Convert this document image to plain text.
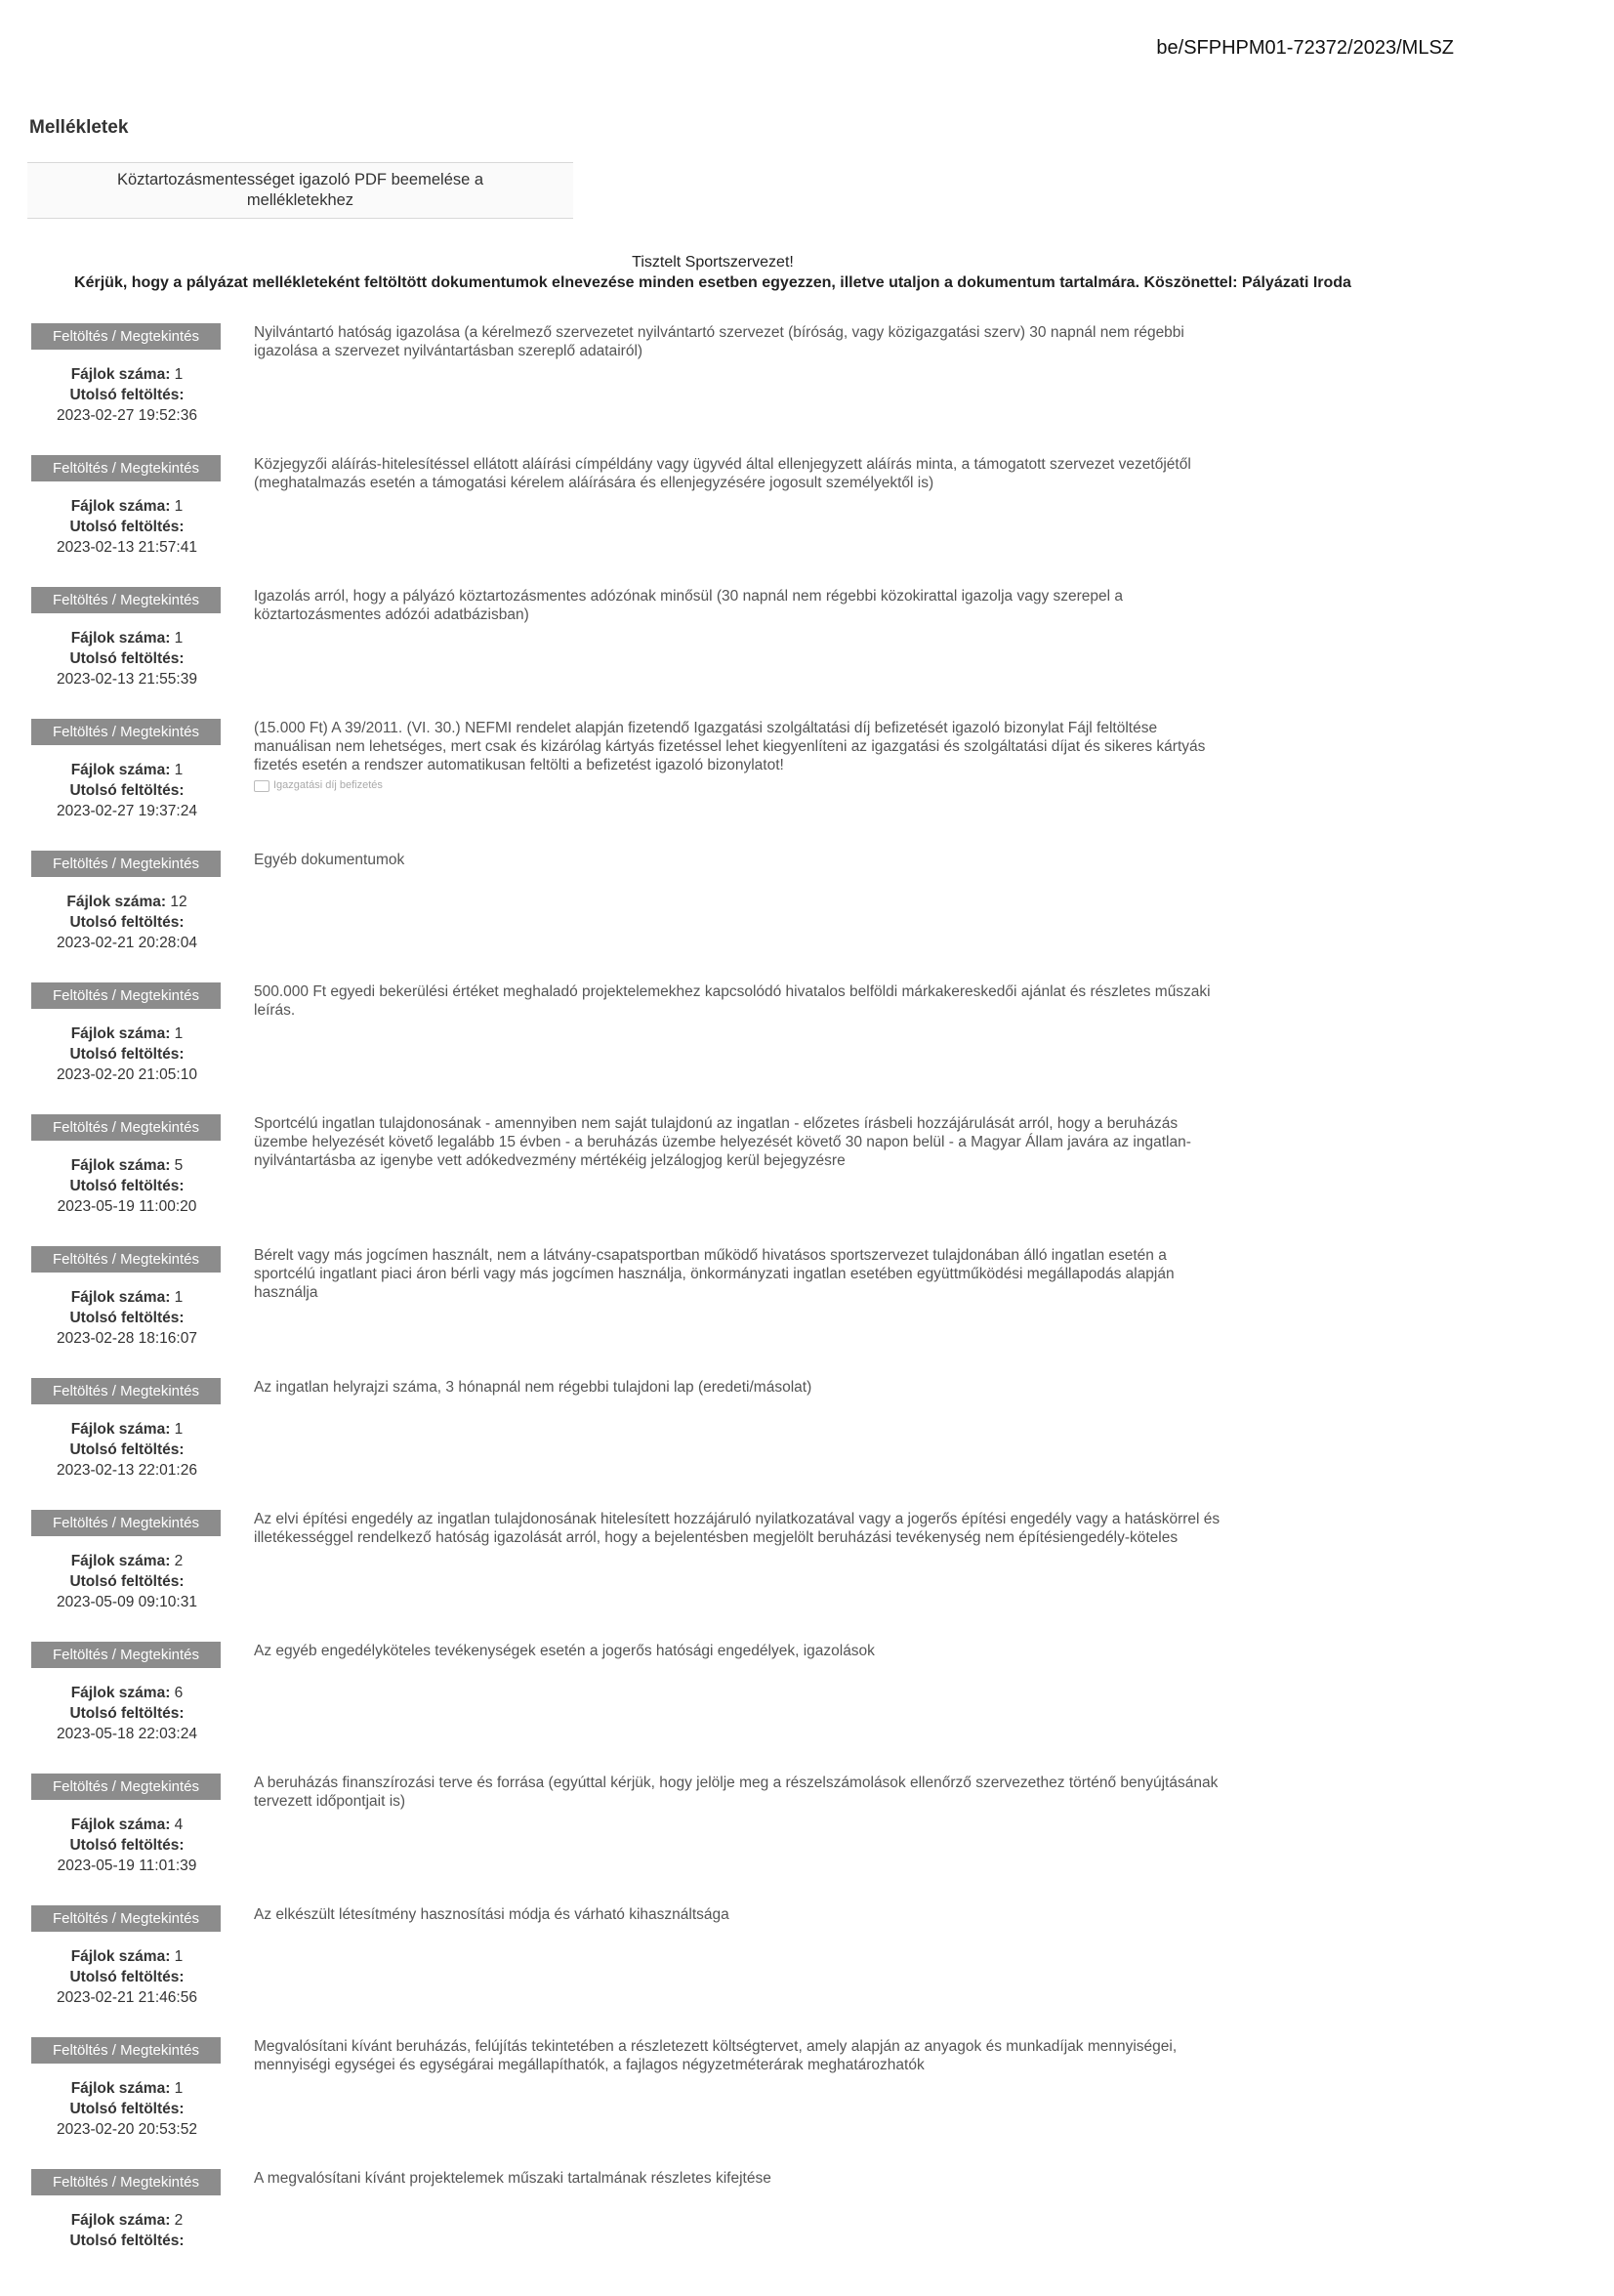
be/SFPHPM01-72372/2023/MLSZ
Mellékletek
Köztartozásmentességet igazoló PDF beemelése a mellékletekhez
Tisztelt Sportszervezet!
Kérjük, hogy a pályázat mellékleteként feltöltött dokumentumok elnevezése minden esetben egyezzen, illetve utaljon a dokumentum tartalmára. Köszönettel: Pályázati Iroda
Feltöltés / Megtekintés
Fájlok száma: 1
Utolsó feltöltés:
2023-02-27 19:52:36
Nyilvántartó hatóság igazolása (a kérelmező szervezetet nyilvántartó szervezet (bíróság, vagy közigazgatási szerv) 30 napnál nem régebbi igazolása a szervezet nyilvántartásban szereplő adatairól)
Feltöltés / Megtekintés
Fájlok száma: 1
Utolsó feltöltés:
2023-02-13 21:57:41
Közjegyzői aláírás-hitelesítéssel ellátott aláírási címpéldány vagy ügyvéd által ellenjegyzett aláírás minta, a támogatott szervezet vezetőjétől (meghatalmazás esetén a támogatási kérelem aláírására és ellenjegyzésére jogosult személyektől is)
Feltöltés / Megtekintés
Fájlok száma: 1
Utolsó feltöltés:
2023-02-13 21:55:39
Igazolás arról, hogy a pályázó köztartozásmentes adózónak minősül (30 napnál nem régebbi közokirattal igazolja vagy szerepel a köztartozásmentes adózói adatbázisban)
Feltöltés / Megtekintés
Fájlok száma: 1
Utolsó feltöltés:
2023-02-27 19:37:24
(15.000 Ft) A 39/2011. (VI. 30.) NEFMI rendelet alapján fizetendő Igazgatási szolgáltatási díj befizetését igazoló bizonylat Fájl feltöltése manuálisan nem lehetséges, mert csak és kizárólag kártyás fizetéssel lehet kiegyenlíteni az igazgatási és szolgáltatási díjat és sikeres kártyás fizetés esetén a rendszer automatikusan feltölti a befizetést igazoló bizonylatot!
Igazgatási díj befizetés
Feltöltés / Megtekintés
Fájlok száma: 12
Utolsó feltöltés:
2023-02-21 20:28:04
Egyéb dokumentumok
Feltöltés / Megtekintés
Fájlok száma: 1
Utolsó feltöltés:
2023-02-20 21:05:10
500.000 Ft egyedi bekerülési értéket meghaladó projektelemekhez kapcsolódó hivatalos belföldi márkakereskedői ajánlat és részletes műszaki leírás.
Feltöltés / Megtekintés
Fájlok száma: 5
Utolsó feltöltés:
2023-05-19 11:00:20
Sportcélú ingatlan tulajdonosának - amennyiben nem saját tulajdonú az ingatlan - előzetes írásbeli hozzájárulását arról, hogy a beruházás üzembe helyezését követő legalább 15 évben - a beruházás üzembe helyezését követő 30 napon belül - a Magyar Állam javára az ingatlan-nyilvántartásba az igenybe vett adókedvezmény mértékéig jelzálogjog kerül bejegyzésre
Feltöltés / Megtekintés
Fájlok száma: 1
Utolsó feltöltés:
2023-02-28 18:16:07
Bérelt vagy más jogcímen használt, nem a látvány-csapatsportban működő hivatásos sportszervezet tulajdonában álló ingatlan esetén a sportcélú ingatlant piaci áron bérli vagy más jogcímen használja, önkormányzati ingatlan esetében együttműködési megállapodás alapján használja
Feltöltés / Megtekintés
Fájlok száma: 1
Utolsó feltöltés:
2023-02-13 22:01:26
Az ingatlan helyrajzi száma, 3 hónapnál nem régebbi tulajdoni lap (eredeti/másolat)
Feltöltés / Megtekintés
Fájlok száma: 2
Utolsó feltöltés:
2023-05-09 09:10:31
Az elvi építési engedély az ingatlan tulajdonosának hitelesített hozzájáruló nyilatkozatával vagy a jogerős építési engedély vagy a hatáskörrel és illetékességgel rendelkező hatóság igazolását arról, hogy a bejelentésben megjelölt beruházási tevékenység nem építésiengedély-köteles
Feltöltés / Megtekintés
Fájlok száma: 6
Utolsó feltöltés:
2023-05-18 22:03:24
Az egyéb engedélyköteles tevékenységek esetén a jogerős hatósági engedélyek, igazolások
Feltöltés / Megtekintés
Fájlok száma: 4
Utolsó feltöltés:
2023-05-19 11:01:39
A beruházás finanszírozási terve és forrása (egyúttal kérjük, hogy jelölje meg a részelszámolások ellenőrző szervezethez történő benyújtásának tervezett időpontjait is)
Feltöltés / Megtekintés
Fájlok száma: 1
Utolsó feltöltés:
2023-02-21 21:46:56
Az elkészült létesítmény hasznosítási módja és várható kihasználtsága
Feltöltés / Megtekintés
Fájlok száma: 1
Utolsó feltöltés:
2023-02-20 20:53:52
Megvalósítani kívánt beruházás, felújítás tekintetében a részletezett költségtervet, amely alapján az anyagok és munkadíjak mennyiségei, mennyiségi egységei és egységárai megállapíthatók, a fajlagos négyzetméterárak meghatározhatók
Feltöltés / Megtekintés
Fájlok száma: 2
Utolsó feltöltés:
A megvalósítani kívánt projektelemek műszaki tartalmának részletes kifejtése
